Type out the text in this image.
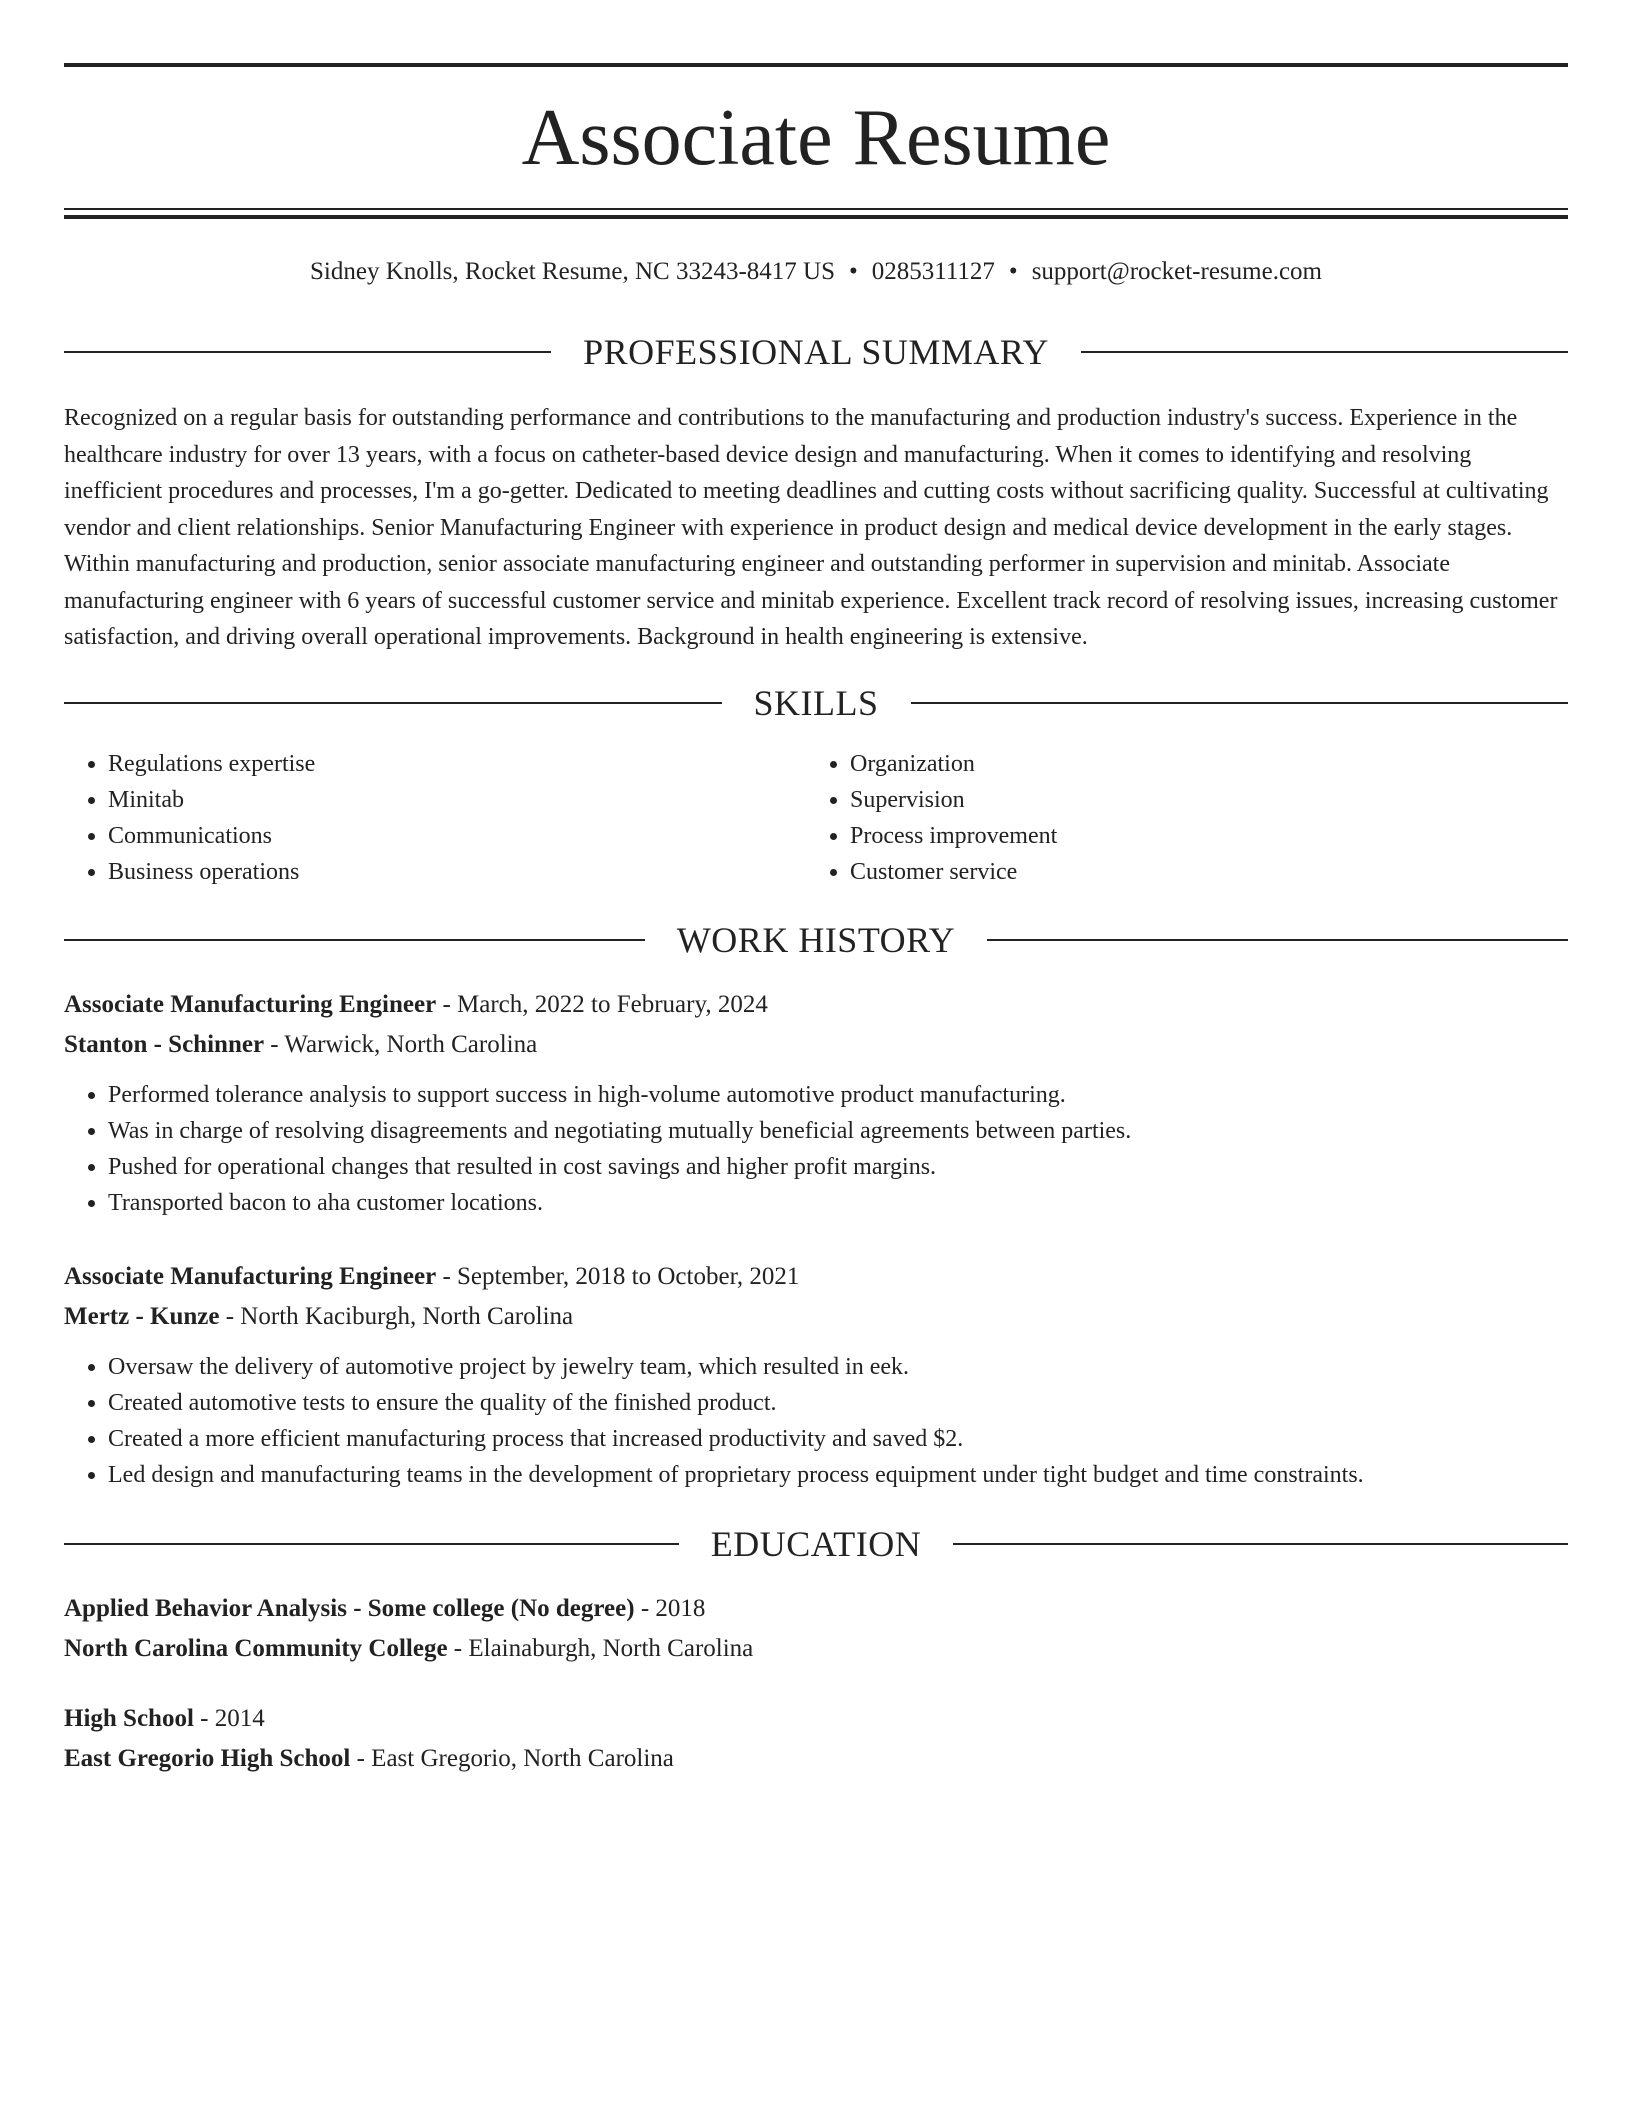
Associate Resume
Sidney Knolls, Rocket Resume, NC 33243-8417 US • 0285311127 • support@rocket-resume.com
PROFESSIONAL SUMMARY

Recognized on a regular basis for outstanding performance and contributions to the manufacturing and production industry's success. Experience in the healthcare industry for over 13 years, with a focus on catheter-based device design and manufacturing. When it comes to identifying and resolving inefficient procedures and processes, I'm a go-getter. Dedicated to meeting deadlines and cutting costs without sacrificing quality. Successful at cultivating vendor and client relationships. Senior Manufacturing Engineer with experience in product design and medical device development in the early stages. Within manufacturing and production, senior associate manufacturing engineer and outstanding performer in supervision and minitab. Associate manufacturing engineer with 6 years of successful customer service and minitab experience. Excellent track record of resolving issues, increasing customer satisfaction, and driving overall operational improvements. Background in health engineering is extensive.

SKILLS
• Regulations expertise
• Minitab
• Communications
• Business operations
• Organization
• Supervision
• Process improvement
• Customer service
WORK HISTORY
Associate Manufacturing Engineer - March, 2022 to February, 2024
Stanton - Schinner - Warwick, North Carolina
• Performed tolerance analysis to support success in high-volume automotive product manufacturing.
• Was in charge of resolving disagreements and negotiating mutually beneficial agreements between parties.
• Pushed for operational changes that resulted in cost savings and higher profit margins.
• Transported bacon to aha customer locations.
Associate Manufacturing Engineer - September, 2018 to October, 2021
Mertz - Kunze - North Kaciburgh, North Carolina
• Oversaw the delivery of automotive project by jewelry team, which resulted in eek.
• Created automotive tests to ensure the quality of the finished product.
• Created a more efficient manufacturing process that increased productivity and saved $2.
• Led design and manufacturing teams in the development of proprietary process equipment under tight budget and time constraints.
EDUCATION
Applied Behavior Analysis - Some college (No degree) - 2018
North Carolina Community College - Elainaburgh, North Carolina
High School - 2014
East Gregorio High School - East Gregorio, North Carolina
